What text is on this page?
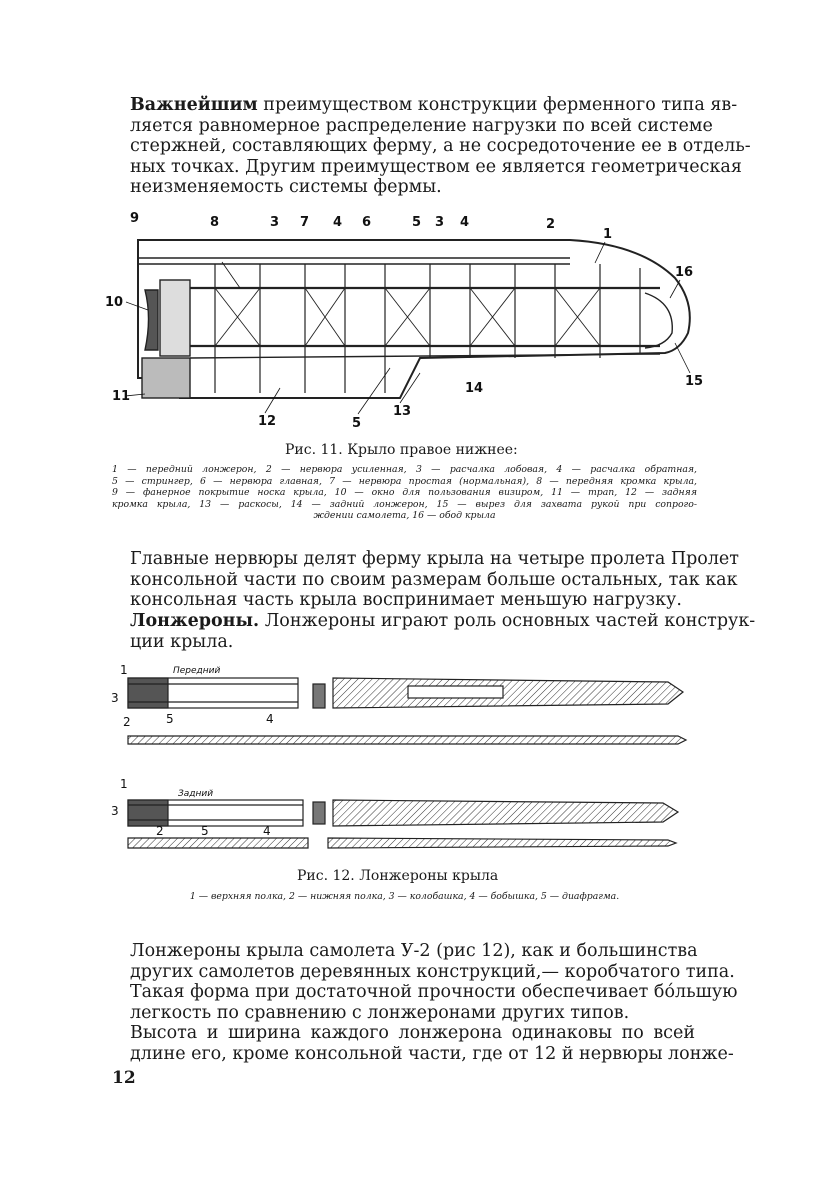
Важнейшим преимуществом конструкции ферменного типа яв-
ляется равномерное распределение нагрузки по всей системе
стержней, составляющих ферму, а не сосредоточение ее в отдель-
ных точках. Другим преимуществом ее является геометрическая
неизменяемость системы фермы.
9	8	3 7 4 6	5 3 4	2
1
16
10
15
14
11
12	5
13
Рис. 11. Крыло правое нижнее:
1 — передний лонжерон, 2 — нервюра усиленная, 3 — расчалка лобовая, 4 — расчалка обратная,
5 — стрингер, 6 — нервюра главная, 7 — нервюра простая (нормальная), 8 — передняя кромка крыла,
9 — фанерное покрытие носка крыла, 10 — окно для пользования визиром, 11 — трап, 12 — задняя
кромка крыла, 13 — раскосы, 14 — задний лонжерон, 15 — вырез для захвата рукой при сопрого-
ждении самолета, 16 — обод крыла
Главные нервюры делят ферму крыла на четыре пролета Пролет
консольной части по своим размерам больше остальных, так как
консольная часть крыла воспринимает меньшую нагрузку.
Лонжероны. Лонжероны играют роль основных частей конструк-
ции крыла.
Передний
1
3
2	5	4
Задний
1
3
2	5	4
Рис. 12. Лонжероны крыла
1 — верхняя полка, 2 — нижняя полка, 3 — колобашка, 4 — бобышка, 5 — диафрагма.
Лонжероны крыла самолета У-2 (рис 12), как и большинства
других самолетов деревянных конструкций,— коробчатого типа.
Такая форма при достаточной прочности обеспечивает бо́льшую
легкость по сравнению с лонжеронами других типов.
Высота и ширина каждого лонжерона одинаковы по всей
длине его, кроме консольной части, где от 12 й нервюры лонже-
12
